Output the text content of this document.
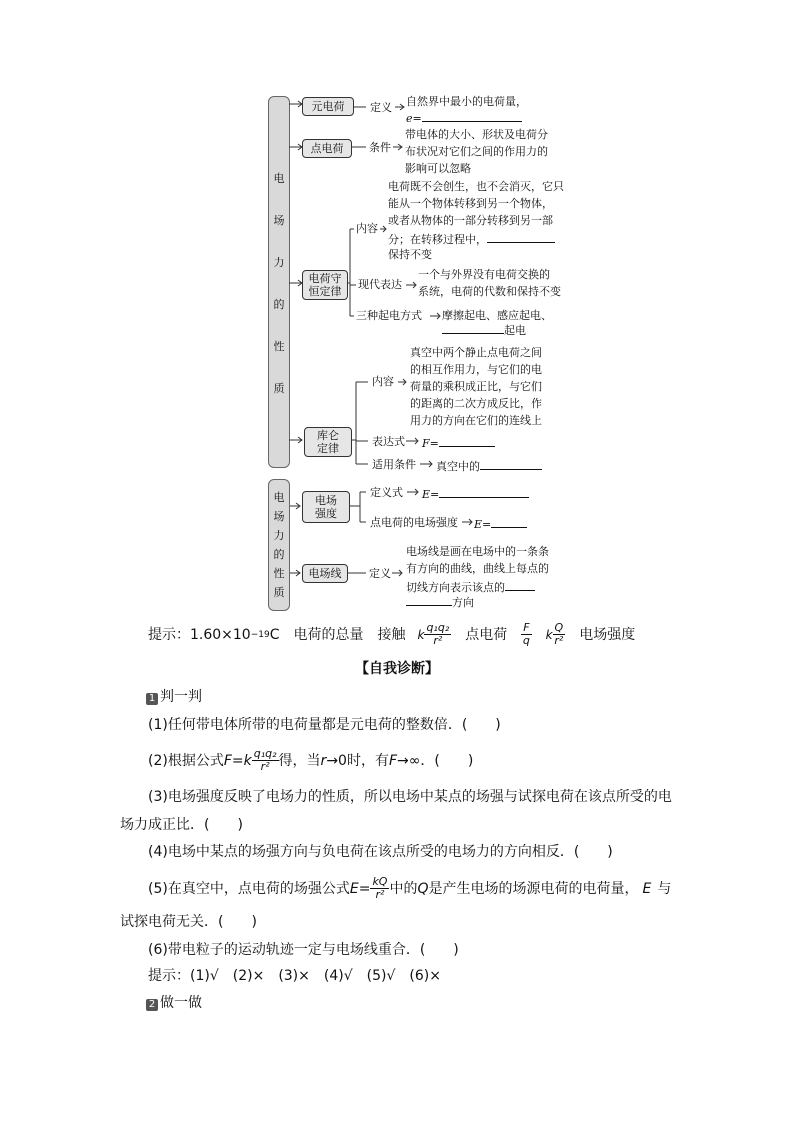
电
场
力
的
性
质
元电荷 定义 自然界中最小的电荷量，
e=
点电荷 条件
带电体的大小、形状及电荷分
布状况对它们之间的作用力的
影响可以忽略
电荷守
恒定律
内容
电荷既不会创生，也不会消灭，它只
能从一个物体转移到另一个物体，
或者从物体的一部分转移到另一部
分；在转移过程中，
保持不变
现代表达
一个与外界没有电荷交换的
系统，电荷的代数和保持不变
三种起电方式 摩擦起电、感应起电、
起电
库仑
定律
内容
真空中两个静止点电荷之间
的相互作用力，与它们的电
荷量的乘积成正比，与它们
的距离的二次方成反比，作
用力的方向在它们的连线上
表达式 F=
适用条件 真空中的
电
场
力
的
性
质
电场
强度
定义式 E=
点电荷的电场强度 E=
电场线	定义
电场线是画在电场中的一条条
有方向的曲线，曲线上每点的
切线方向表示该点的
方向
提示：1.60×10 −19 C 电荷的总量 接触 k $\frac{\text{q₁q₂}}{\text{r²}}$ 点电荷 $\frac{F}{q}$ k $\frac{Q}{\text{r²}}$ 电场强度
【自我诊断】
1 判一判
(1)任何带电体所带的电荷量都是元电荷的整数倍．(　　)
(2)根据公式 F = k $\frac{\text{q₁q₂}}{\text{r²}}$ 得，当 r →0时，有 F →∞．(　　)
(3)电场强度反映了电场力的性质，所以电场中某点的场强与试探电荷在该点所受的电
场力成正比．(　　)
(4)电场中某点的场强方向与负电荷在该点所受的电场力的方向相反．(　　)
(5)在真空中，点电荷的场强公式 $E = \frac{kQ}{\text{r²}}$ 中的 Q 是产生电场的场源电荷的电荷量， E 与
试探电荷无关．(　　)
(6)带电粒子的运动轨迹一定与电场线重合．(　　)
提示：(1)√　(2)×　(3)×　(4)√　(5)√　(6)×
2 做一做
